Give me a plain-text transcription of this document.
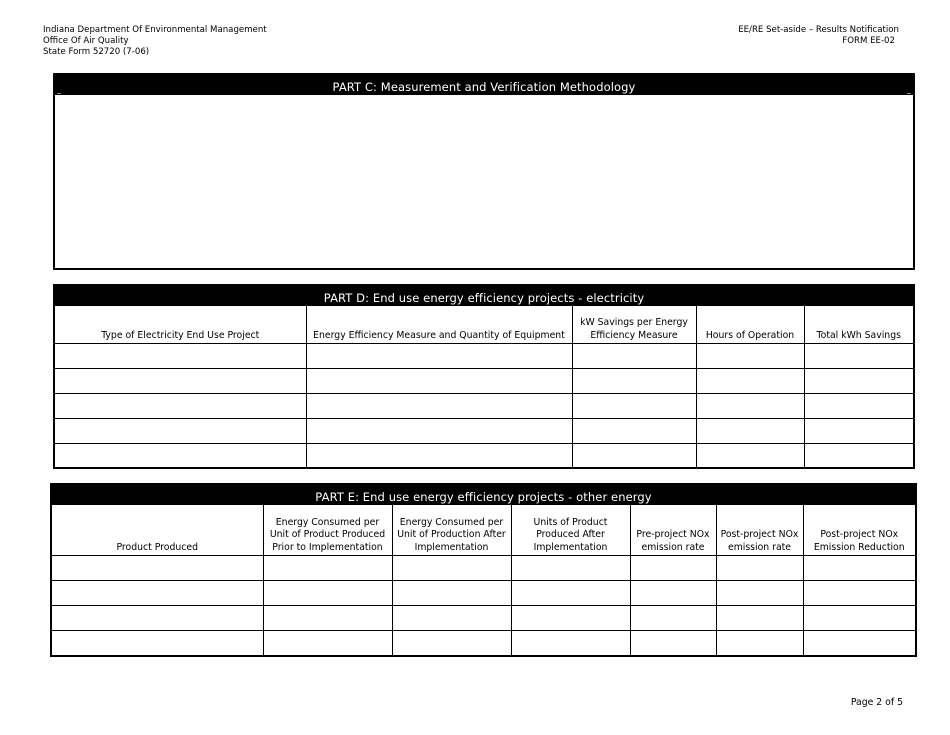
Indiana Department Of Environmental Management
Office Of Air Quality
State Form 52720 (7-06)
EE/RE Set-aside – Results Notification
FORM EE-02
PART C: Measurement and Verification Methodology
PART D: End use energy efficiency projects - electricity
Type of Electricity End Use Project	Energy Efficiency Measure and Quantity of Equipment	kW Savings per Energy Efficiency Measure	Hours of Operation	Total kWh Savings

PART E: End use energy efficiency projects - other energy
Product Produced	Energy Consumed per Unit of Product Produced Prior to Implementation	Energy Consumed per Unit of Production After Implementation	Units of Product Produced After Implementation	Pre-project NOx emission rate	Post-project NOx emission rate	Post-project NOx Emission Reduction

Page 2 of 5
